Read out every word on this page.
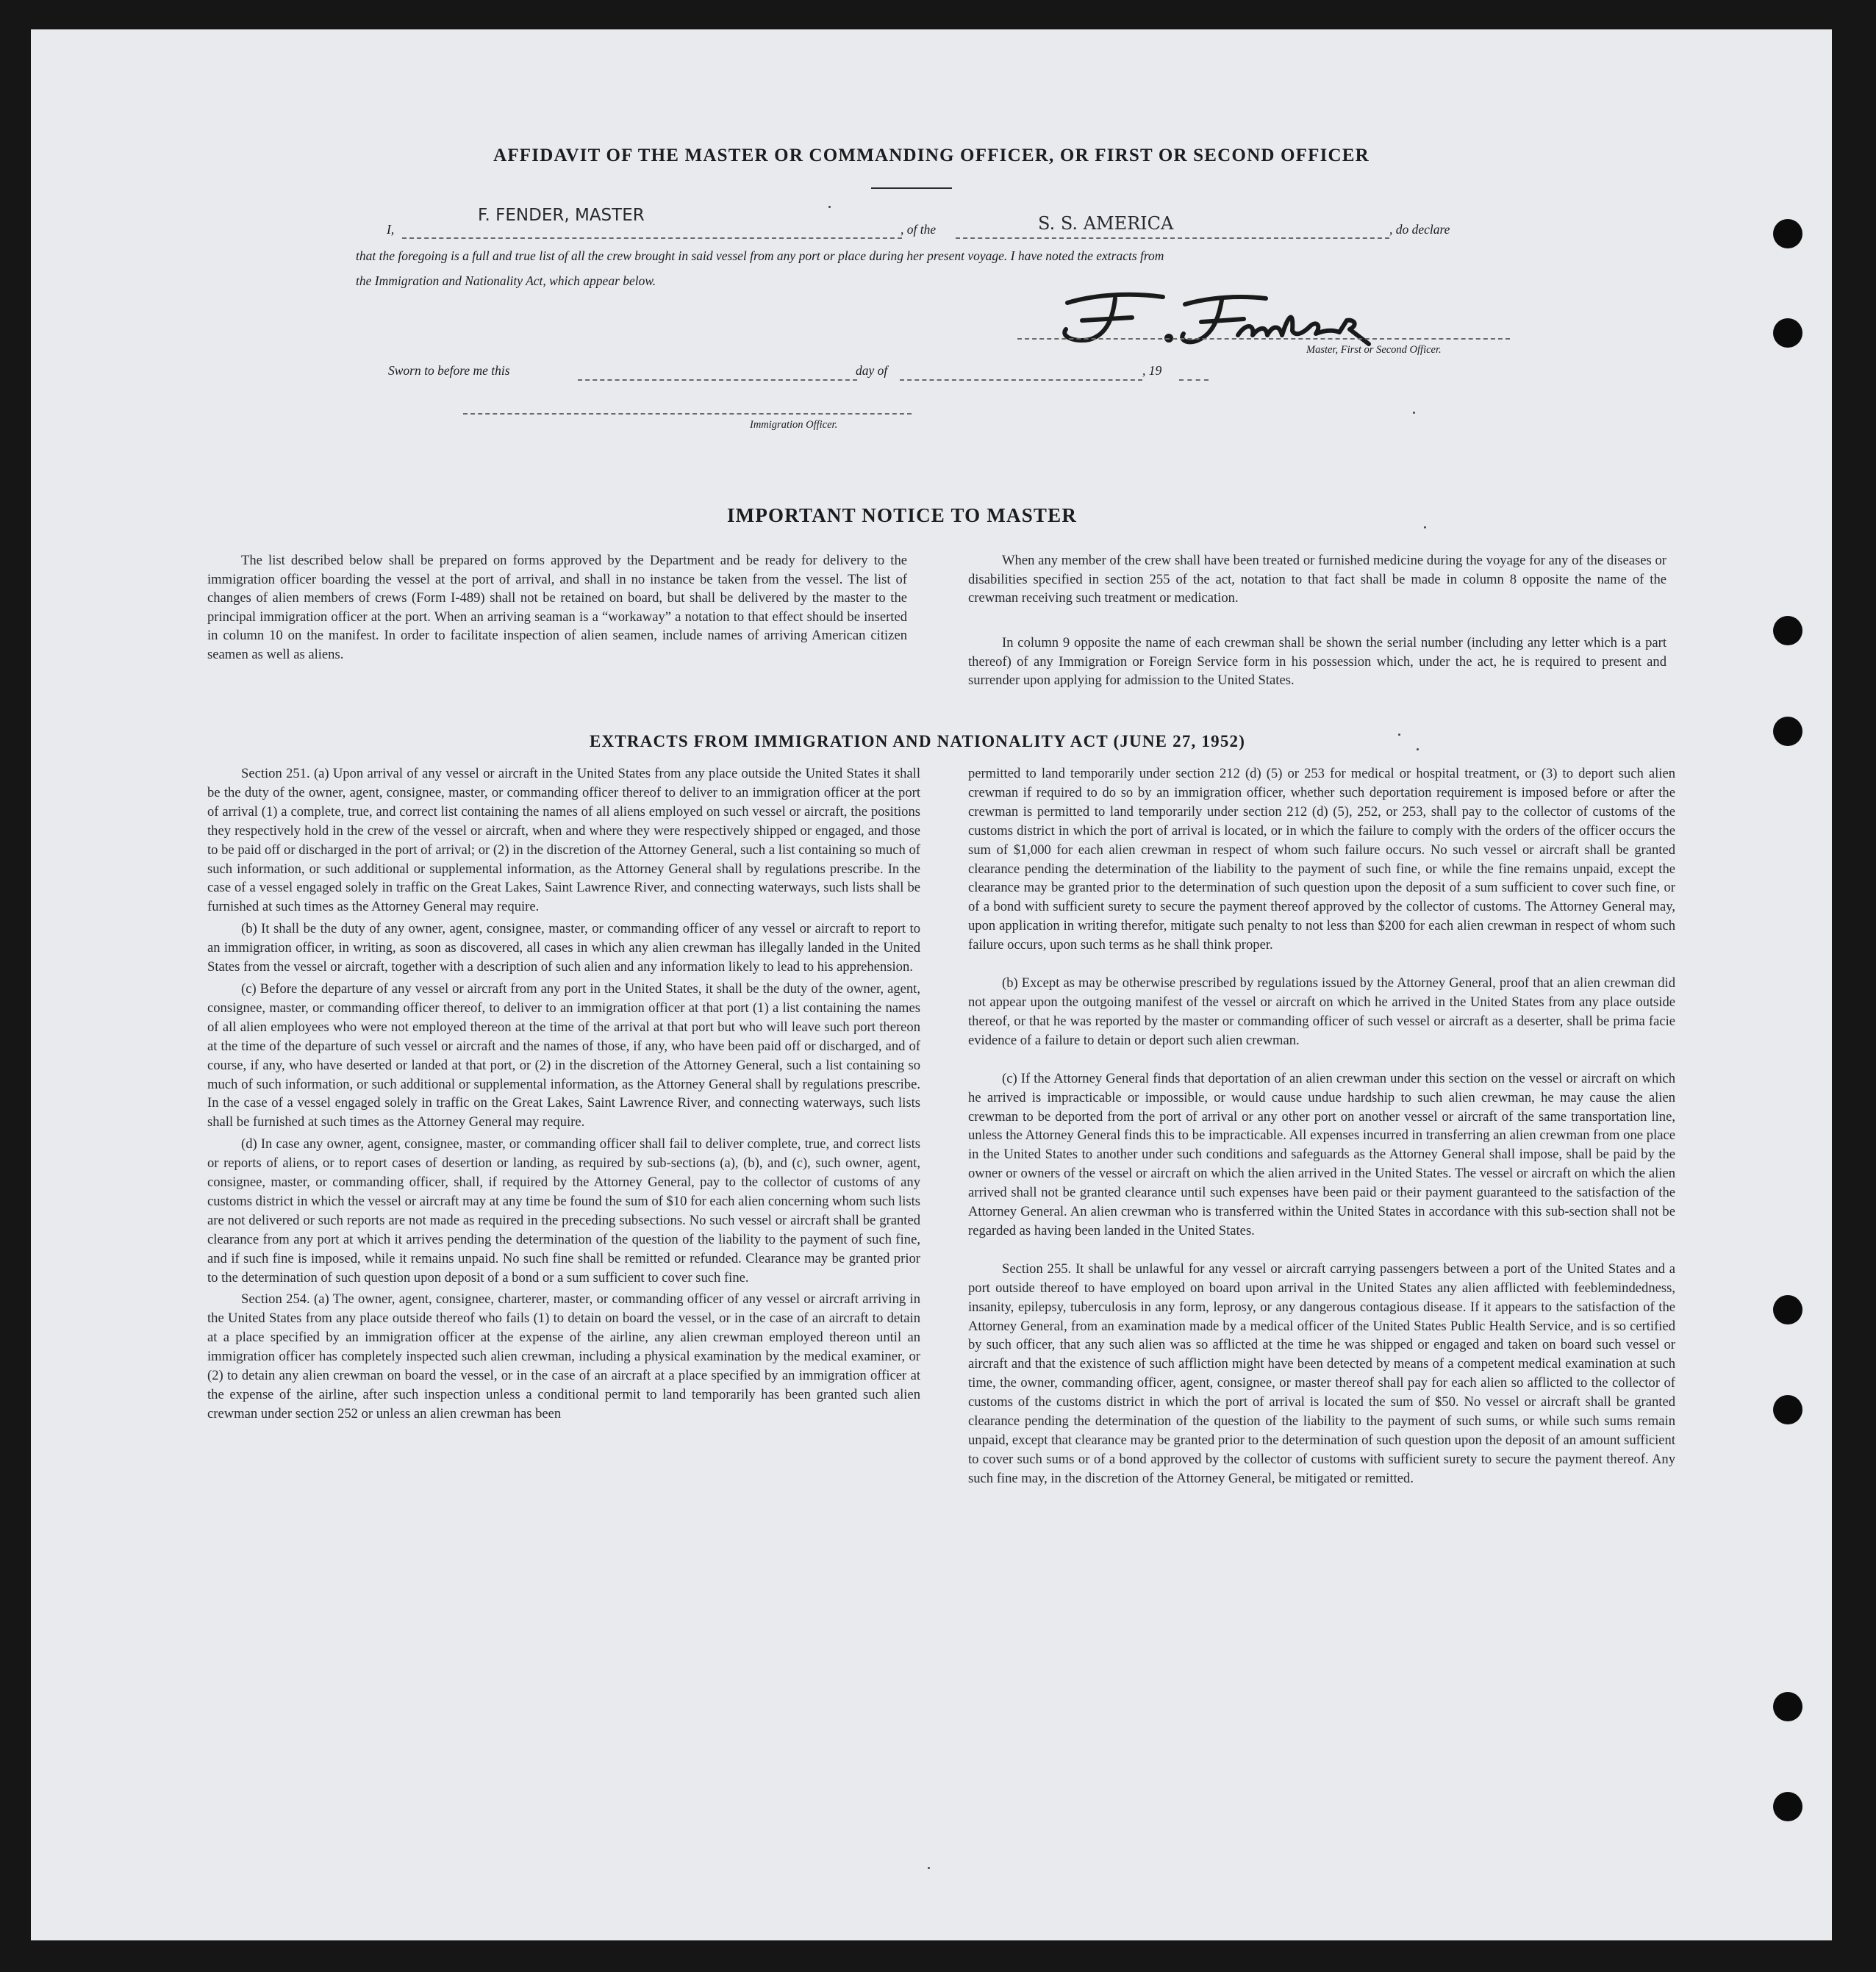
AFFIDAVIT OF THE MASTER OR COMMANDING OFFICER, OR FIRST OR SECOND OFFICER
I,
F. FENDER, MASTER
, of the	S. S. AMERICA	, do declare
that the foregoing is a full and true list of all the crew brought in said vessel from any port or place during her present voyage. I have noted the extracts from
the Immigration and Nationality Act, which appear below.
Master, First or Second Officer.
Sworn to before me this	day of	, 19
Immigration Officer.
IMPORTANT NOTICE TO MASTER
The list described below shall be prepared on forms approved by the Department and be ready for delivery to the immigration officer boarding the vessel at the port of arrival, and shall in no instance be taken from the vessel. The list of changes of alien members of crews (Form I-489) shall not be retained on board, but shall be delivered by the master to the principal immigration officer at the port. When an arriving seaman is a “workaway” a notation to that effect should be inserted in column 10 on the manifest. In order to facilitate inspection of alien seamen, include names of arriving American citizen seamen as well as aliens.
When any member of the crew shall have been treated or furnished medicine during the voyage for any of the diseases or disabilities specified in section 255 of the act, notation to that fact shall be made in column 8 opposite the name of the crewman receiving such treatment or medication.
In column 9 opposite the name of each crewman shall be shown the serial number (including any letter which is a part thereof) of any Immigration or Foreign Service form in his possession which, under the act, he is required to present and surrender upon applying for admission to the United States.
EXTRACTS FROM IMMIGRATION AND NATIONALITY ACT (JUNE 27, 1952)

Section 251. (a) Upon arrival of any vessel or aircraft in the United States from any place outside the United States it shall be the duty of the owner, agent, consignee, master, or commanding officer thereof to deliver to an immigration officer at the port of arrival (1) a complete, true, and correct list containing the names of all aliens employed on such vessel or aircraft, the positions they respectively hold in the crew of the vessel or aircraft, when and where they were respectively shipped or engaged, and those to be paid off or discharged in the port of arrival; or (2) in the discretion of the Attorney General, such a list containing so much of such information, or such additional or supplemental information, as the Attorney General shall by regulations prescribe. In the case of a vessel engaged solely in traffic on the Great Lakes, Saint Lawrence River, and connecting waterways, such lists shall be furnished at such times as the Attorney General may require.

(b) It shall be the duty of any owner, agent, consignee, master, or commanding officer of any vessel or aircraft to report to an immigration officer, in writing, as soon as discovered, all cases in which any alien crewman has illegally landed in the United States from the vessel or aircraft, together with a description of such alien and any information likely to lead to his apprehension.

(c) Before the departure of any vessel or aircraft from any port in the United States, it shall be the duty of the owner, agent, consignee, master, or commanding officer thereof, to deliver to an immigration officer at that port (1) a list containing the names of all alien employees who were not employed thereon at the time of the arrival at that port but who will leave such port thereon at the time of the departure of such vessel or aircraft and the names of those, if any, who have been paid off or discharged, and of course, if any, who have deserted or landed at that port, or (2) in the discretion of the Attorney General, such a list containing so much of such information, or such additional or supplemental information, as the Attorney General shall by regulations prescribe. In the case of a vessel engaged solely in traffic on the Great Lakes, Saint Lawrence River, and connecting waterways, such lists shall be furnished at such times as the Attorney General may require.

(d) In case any owner, agent, consignee, master, or commanding officer shall fail to deliver complete, true, and correct lists or reports of aliens, or to report cases of desertion or landing, as required by sub-sections (a), (b), and (c), such owner, agent, consignee, master, or commanding officer, shall, if required by the Attorney General, pay to the collector of customs of any customs district in which the vessel or aircraft may at any time be found the sum of $10 for each alien concerning whom such lists are not delivered or such reports are not made as required in the preceding subsections. No such vessel or aircraft shall be granted clearance from any port at which it arrives pending the determination of the question of the liability to the payment of such fine, and if such fine is imposed, while it remains unpaid. No such fine shall be remitted or refunded. Clearance may be granted prior to the determination of such question upon deposit of a bond or a sum sufficient to cover such fine.

Section 254. (a) The owner, agent, consignee, charterer, master, or commanding officer of any vessel or aircraft arriving in the United States from any place outside thereof who fails (1) to detain on board the vessel, or in the case of an aircraft to detain at a place specified by an immigration officer at the expense of the airline, any alien crewman employed thereon until an immigration officer has completely inspected such alien crewman, including a physical examination by the medical examiner, or (2) to detain any alien crewman on board the vessel, or in the case of an aircraft at a place specified by an immigration officer at the expense of the airline, after such inspection unless a conditional permit to land temporarily has been granted such alien crewman under section 252 or unless an alien crewman has been

permitted to land temporarily under section 212 (d) (5) or 253 for medical or hospital treatment, or (3) to deport such alien crewman if required to do so by an immigration officer, whether such deportation requirement is imposed before or after the crewman is permitted to land temporarily under section 212 (d) (5), 252, or 253, shall pay to the collector of customs of the customs district in which the port of arrival is located, or in which the failure to comply with the orders of the officer occurs the sum of $1,000 for each alien crewman in respect of whom such failure occurs. No such vessel or aircraft shall be granted clearance pending the determination of the liability to the payment of such fine, or while the fine remains unpaid, except the clearance may be granted prior to the determination of such question upon the deposit of a sum sufficient to cover such fine, or of a bond with sufficient surety to secure the payment thereof approved by the collector of customs. The Attorney General may, upon application in writing therefor, mitigate such penalty to not less than $200 for each alien crewman in respect of whom such failure occurs, upon such terms as he shall think proper.

(b) Except as may be otherwise prescribed by regulations issued by the Attorney General, proof that an alien crewman did not appear upon the outgoing manifest of the vessel or aircraft on which he arrived in the United States from any place outside thereof, or that he was reported by the master or commanding officer of such vessel or aircraft as a deserter, shall be prima facie evidence of a failure to detain or deport such alien crewman.

(c) If the Attorney General finds that deportation of an alien crewman under this section on the vessel or aircraft on which he arrived is impracticable or impossible, or would cause undue hardship to such alien crewman, he may cause the alien crewman to be deported from the port of arrival or any other port on another vessel or aircraft of the same transportation line, unless the Attorney General finds this to be impracticable. All expenses incurred in transferring an alien crewman from one place in the United States to another under such conditions and safeguards as the Attorney General shall impose, shall be paid by the owner or owners of the vessel or aircraft on which the alien arrived in the United States. The vessel or aircraft on which the alien arrived shall not be granted clearance until such expenses have been paid or their payment guaranteed to the satisfaction of the Attorney General. An alien crewman who is transferred within the United States in accordance with this sub-section shall not be regarded as having been landed in the United States.

Section 255. It shall be unlawful for any vessel or aircraft carrying passengers between a port of the United States and a port outside thereof to have employed on board upon arrival in the United States any alien afflicted with feeblemindedness, insanity, epilepsy, tuberculosis in any form, leprosy, or any dangerous contagious disease. If it appears to the satisfaction of the Attorney General, from an examination made by a medical officer of the United States Public Health Service, and is so certified by such officer, that any such alien was so afflicted at the time he was shipped or engaged and taken on board such vessel or aircraft and that the existence of such affliction might have been detected by means of a competent medical examination at such time, the owner, commanding officer, agent, consignee, or master thereof shall pay for each alien so afflicted to the collector of customs of the customs district in which the port of arrival is located the sum of $50. No vessel or aircraft shall be granted clearance pending the determination of the question of the liability to the payment of such sums, or while such sums remain unpaid, except that clearance may be granted prior to the determination of such question upon the deposit of an amount sufficient to cover such sums or of a bond approved by the collector of customs with sufficient surety to secure the payment thereof. Any such fine may, in the discretion of the Attorney General, be mitigated or remitted.
